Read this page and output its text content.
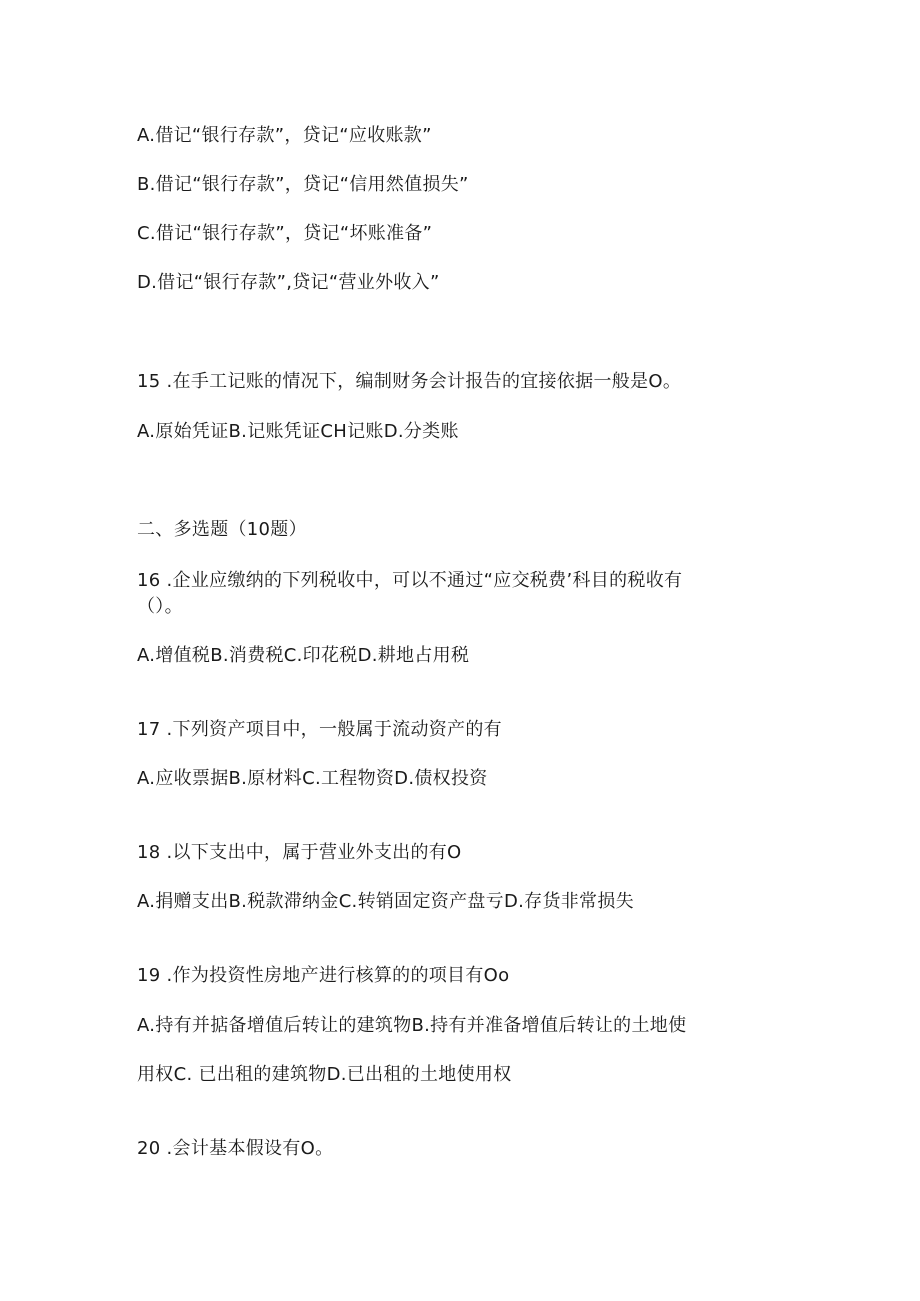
A.借记“银行存款”，贷记“应收账款”
B.借记“银行存款”，贷记“信用然值损失”
C.借记“银行存款”，贷记“坏账准备”
D.借记“银行存款”,贷记“营业外收入”
15 .在手工记账的情况下，编制财务会计报告的宜接依据一般是O。
A.原始凭证B.记账凭证CH记账D.分类账
二、多选题（10题）
16 .企业应缴纳的下列税收中，可以不通过“应交税费’科目的税收有
（）。
A.增值税B.消费税C.印花税D.耕地占用税
17 .下列资产项目中，一般属于流动资产的有
A.应收票据B.原材料C.工程物资D.债权投资
18 .以下支出中，属于营业外支出的有O
A.捐赠支出B.税款滞纳金C.转销固定资产盘亏D.存货非常损失
19 .作为投资性房地产进行核算的的项目有Oo
A.持有并掂备增值后转让的建筑物B.持有并准备增值后转让的土地使
用权C. 已出租的建筑物D.已出租的土地使用权
20 .会计基本假设有O。
